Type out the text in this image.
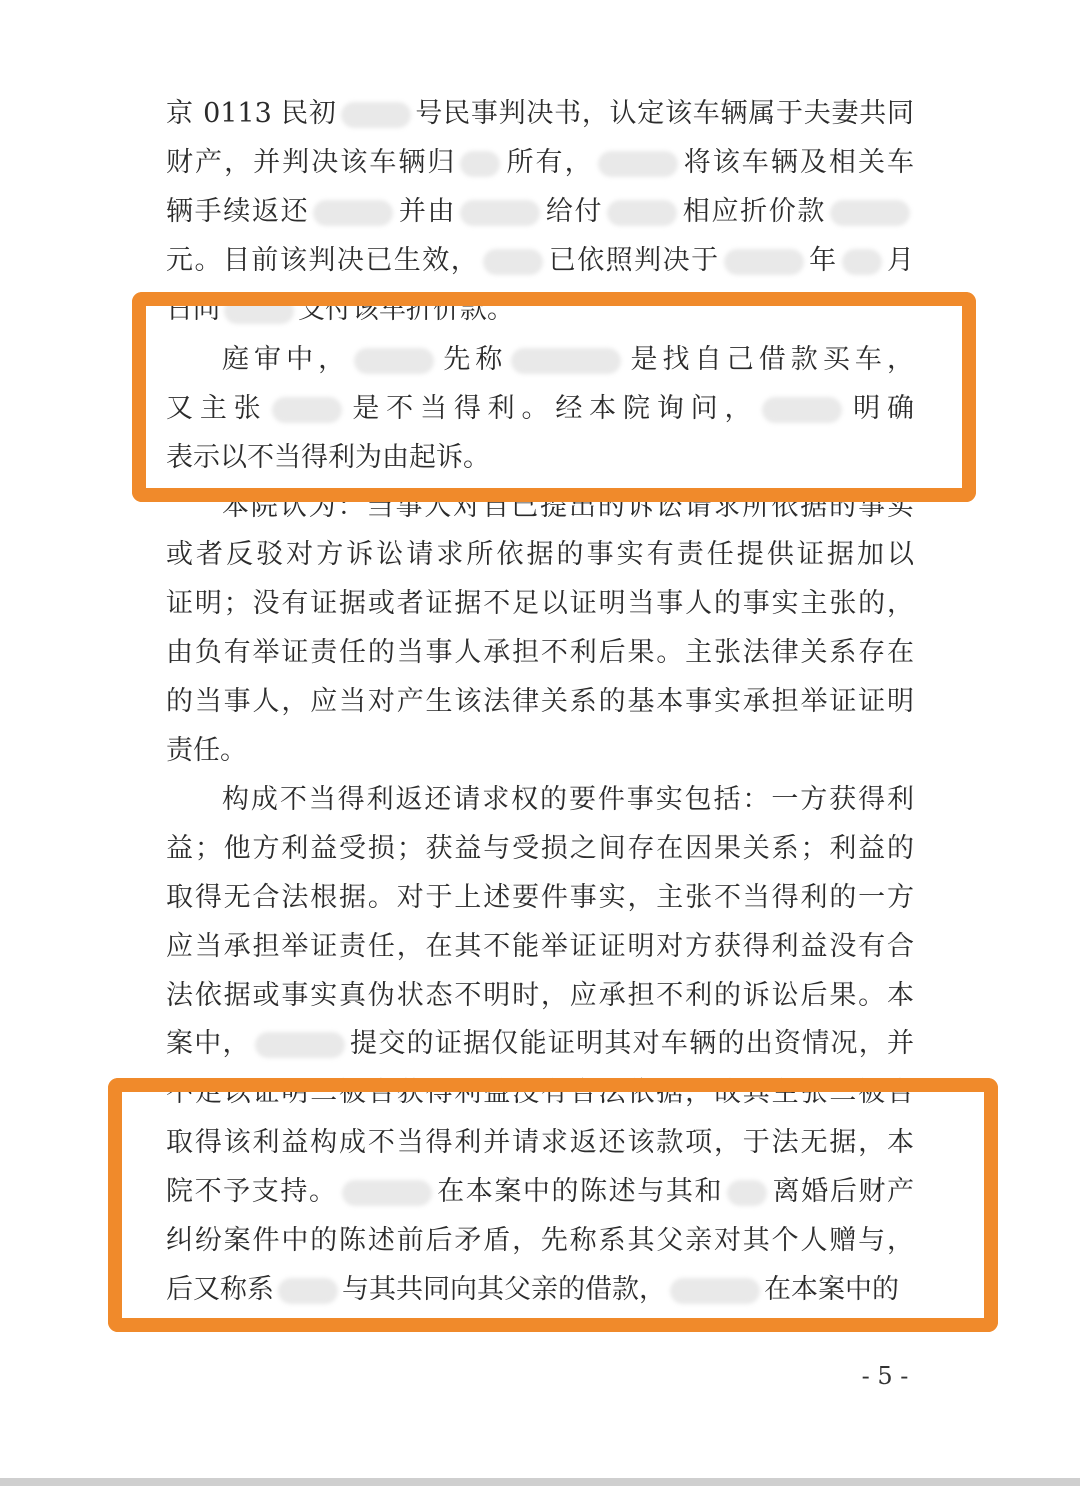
京 0113 民初	号民事判决书，认定该车辆属于夫妻共同
财产，并判决该车辆归 所有，	将该车辆及相关车
辆手续返还	并由	给付	相应折价款
元。目前该判决已生效，	已依照判决于	年 月
日向	支付该车折价款。
庭审中，	先称	是找自己借款买车，
又主张	是不当得利。经本院询问，	明确
表示以不当得利为由起诉。
本院认为：当事人对自己提出的诉讼请求所依据的事实
或者反驳对方诉讼请求所依据的事实有责任提供证据加以
证明；没有证据或者证据不足以证明当事人的事实主张的，
由负有举证责任的当事人承担不利后果。主张法律关系存在
的当事人，应当对产生该法律关系的基本事实承担举证证明
责任。
构成不当得利返还请求权的要件事实包括：一方获得利
益；他方利益受损；获益与受损之间存在因果关系；利益的
取得无合法根据。对于上述要件事实，主张不当得利的一方
应当承担举证责任，在其不能举证证明对方获得利益没有合
法依据或事实真伪状态不明时，应承担不利的诉讼后果。本
案中，	提交的证据仅能证明其对车辆的出资情况，并
不足以证明二被告获得利益没有合法依据，故其主张二被告
取得该利益构成不当得利并请求返还该款项，于法无据，本
院不予支持。	在本案中的陈述与其和 离婚后财产
纠纷案件中的陈述前后矛盾，先称系其父亲对其个人赠与，
后又称系	与其共同向其父亲的借款，	在本案中的
- 5 -
